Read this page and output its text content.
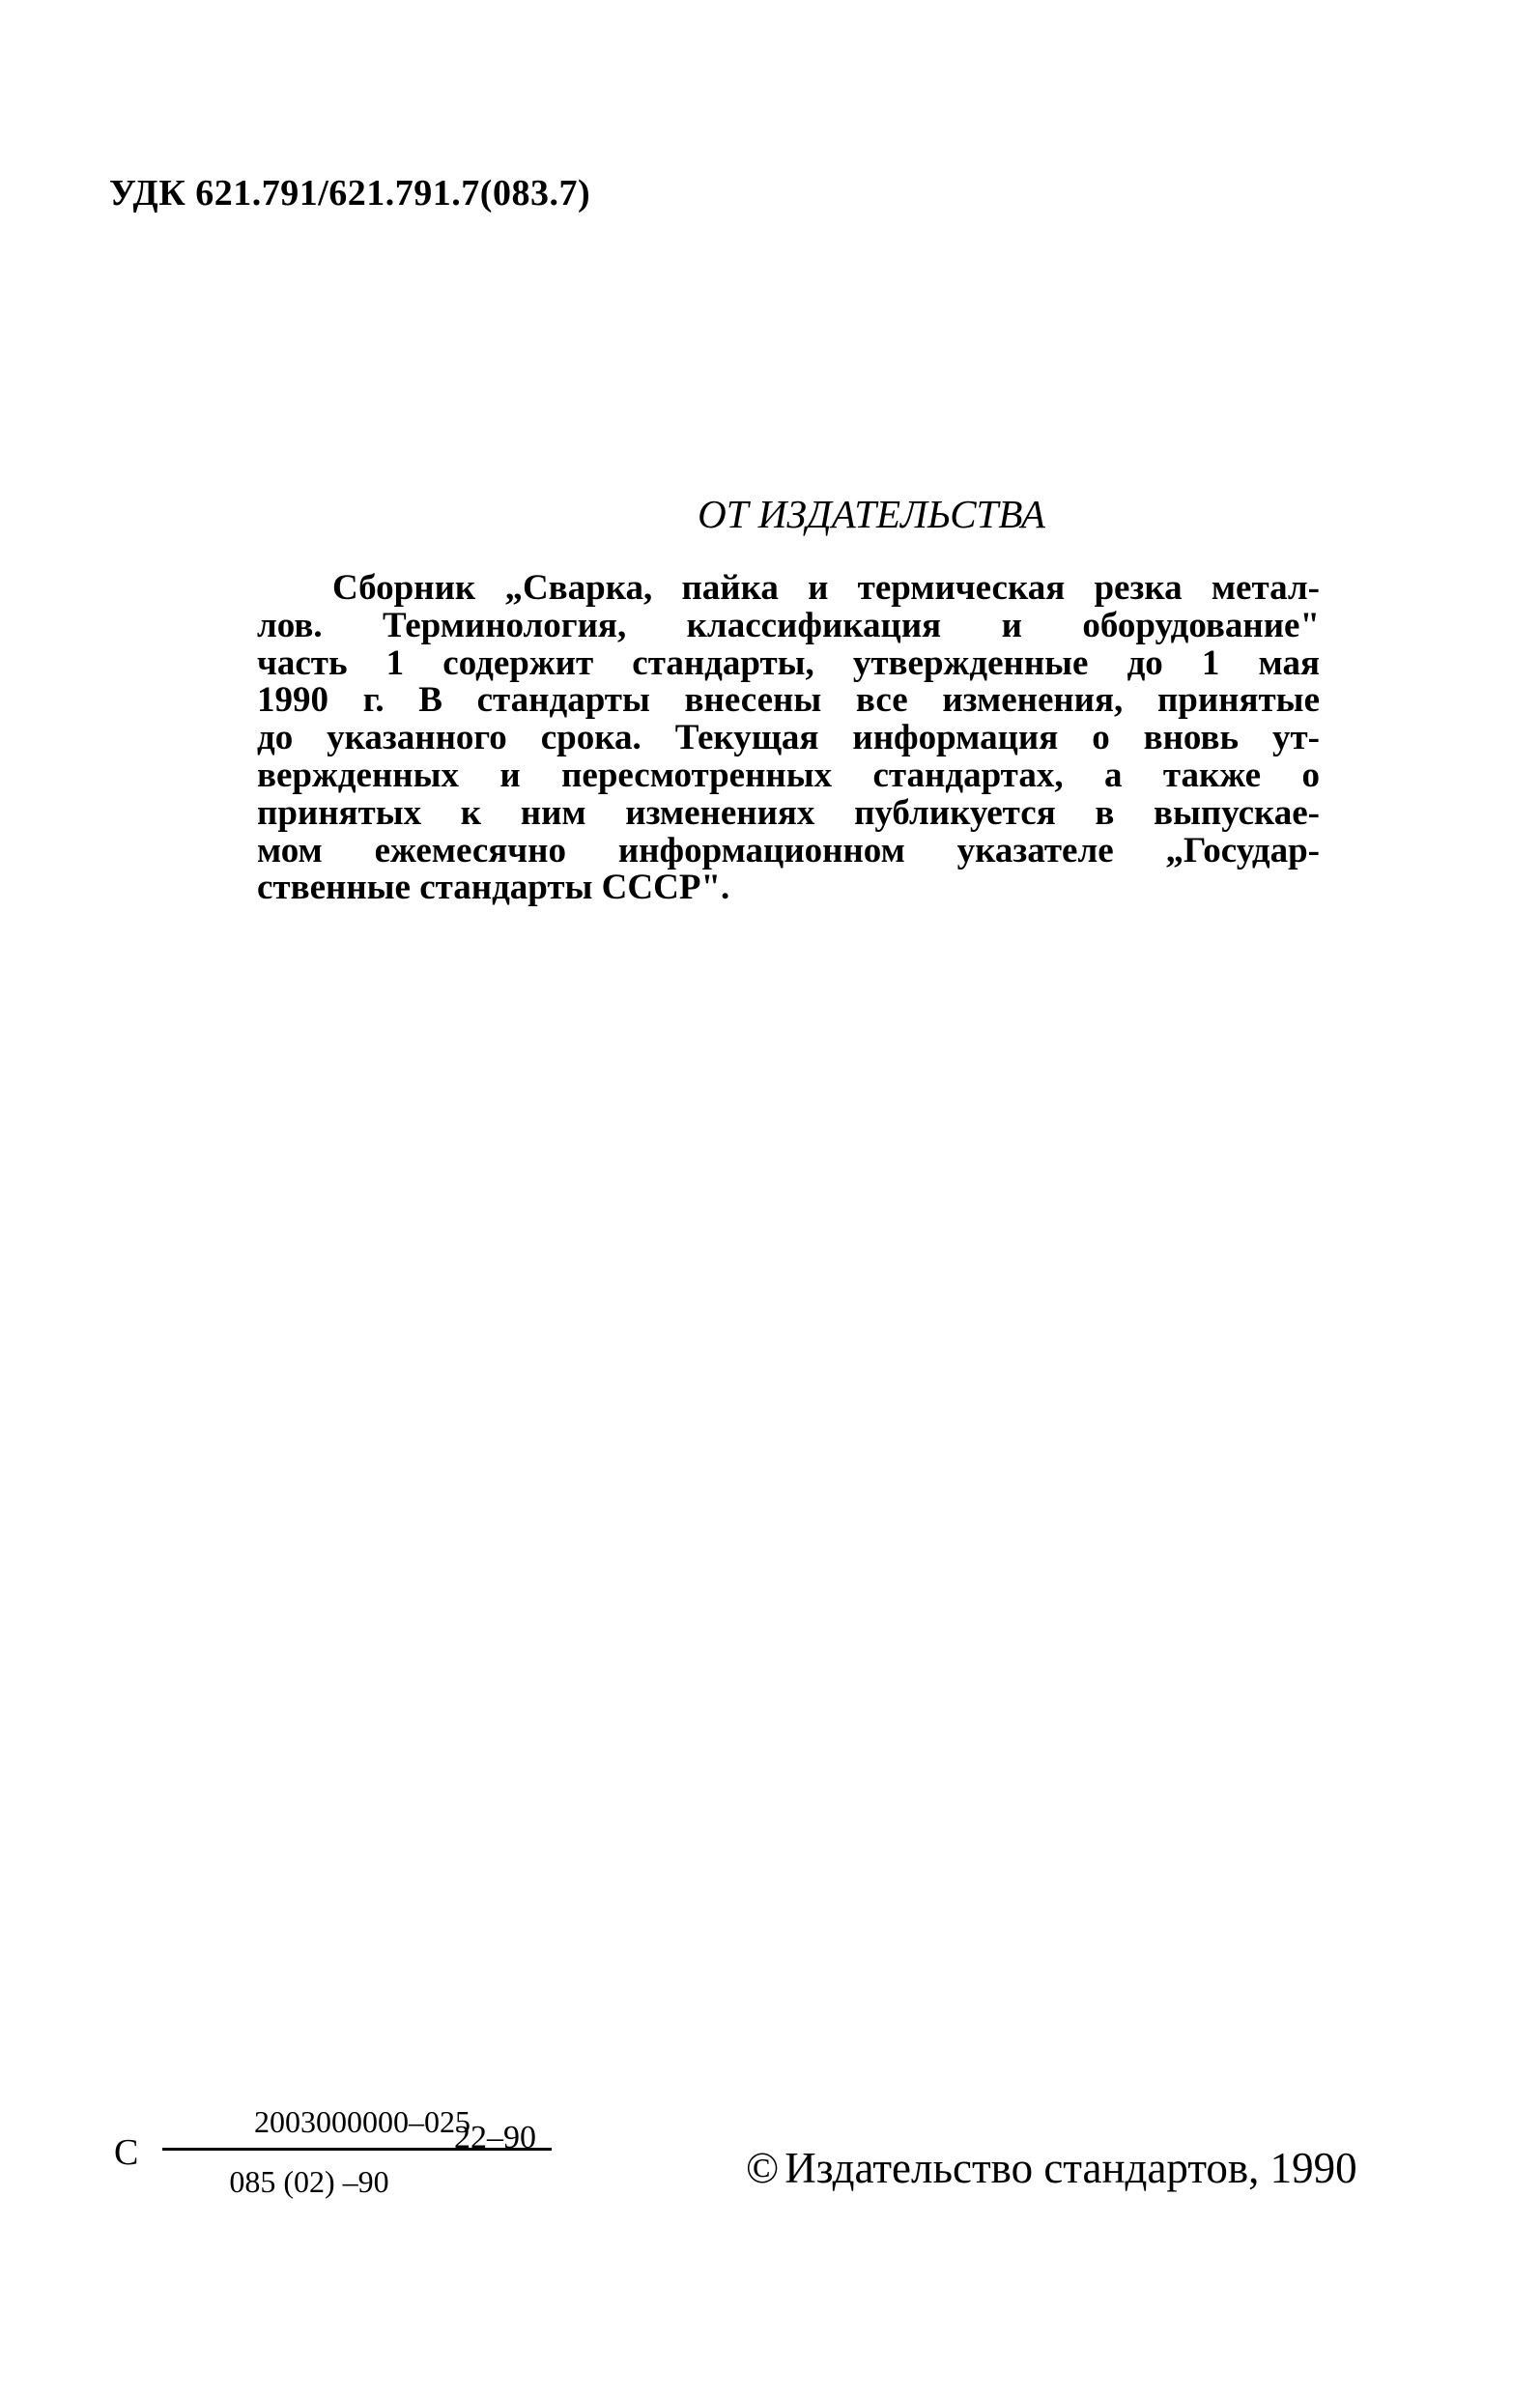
УДК 621.791/621.791.7(083.7)
ОТ ИЗДАТЕЛЬСТВА
Сборник „Сварка, пайка и термическая резка метал-
лов. Терминология, классификация и оборудование"
часть 1 содержит стандарты, утвержденные до 1 мая
1990 г. В стандарты внесены все изменения, принятые
до указанного срока. Текущая информация о вновь ут-
вержденных и пересмотренных стандартах, а также о
принятых к ним изменениях публикуется в выпускае-
мом ежемесячно информационном указателе „Государ-
ственные стандарты СССР".
С
2003000000–025
085 (02) –90
22–90
© Издательство стандартов, 1990
